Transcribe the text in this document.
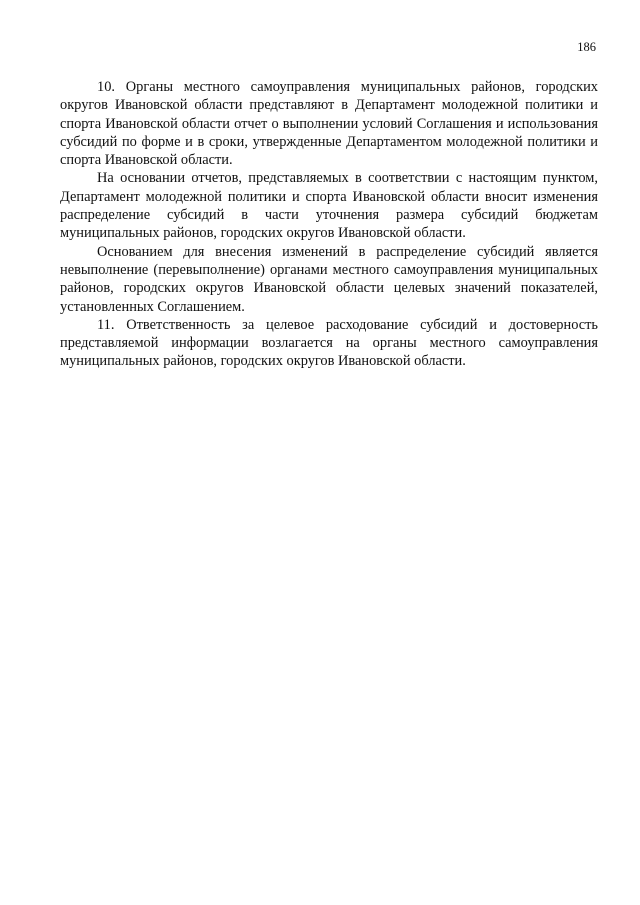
186

10. Органы местного самоуправления муниципальных районов, городских округов Ивановской области представляют в Департамент молодежной политики и спорта Ивановской области отчет о выполнении условий Соглашения и использования субсидий по форме и в сроки, утвержденные Департаментом молодежной политики и спорта Ивановской области.

На основании отчетов, представляемых в соответствии с настоящим пунктом, Департамент молодежной политики и спорта Ивановской области вносит изменения распределение субсидий в части уточнения размера субсидий бюджетам муниципальных районов, городских округов Ивановской области.

Основанием для внесения изменений в распределение субсидий является невыполнение (перевыполнение) органами местного самоуправления муниципальных районов, городских округов Ивановской области целевых значений показателей, установленных Соглашением.

11. Ответственность за целевое расходование субсидий и достоверность представляемой информации возлагается на органы местного самоуправления муниципальных районов, городских округов Ивановской области.
